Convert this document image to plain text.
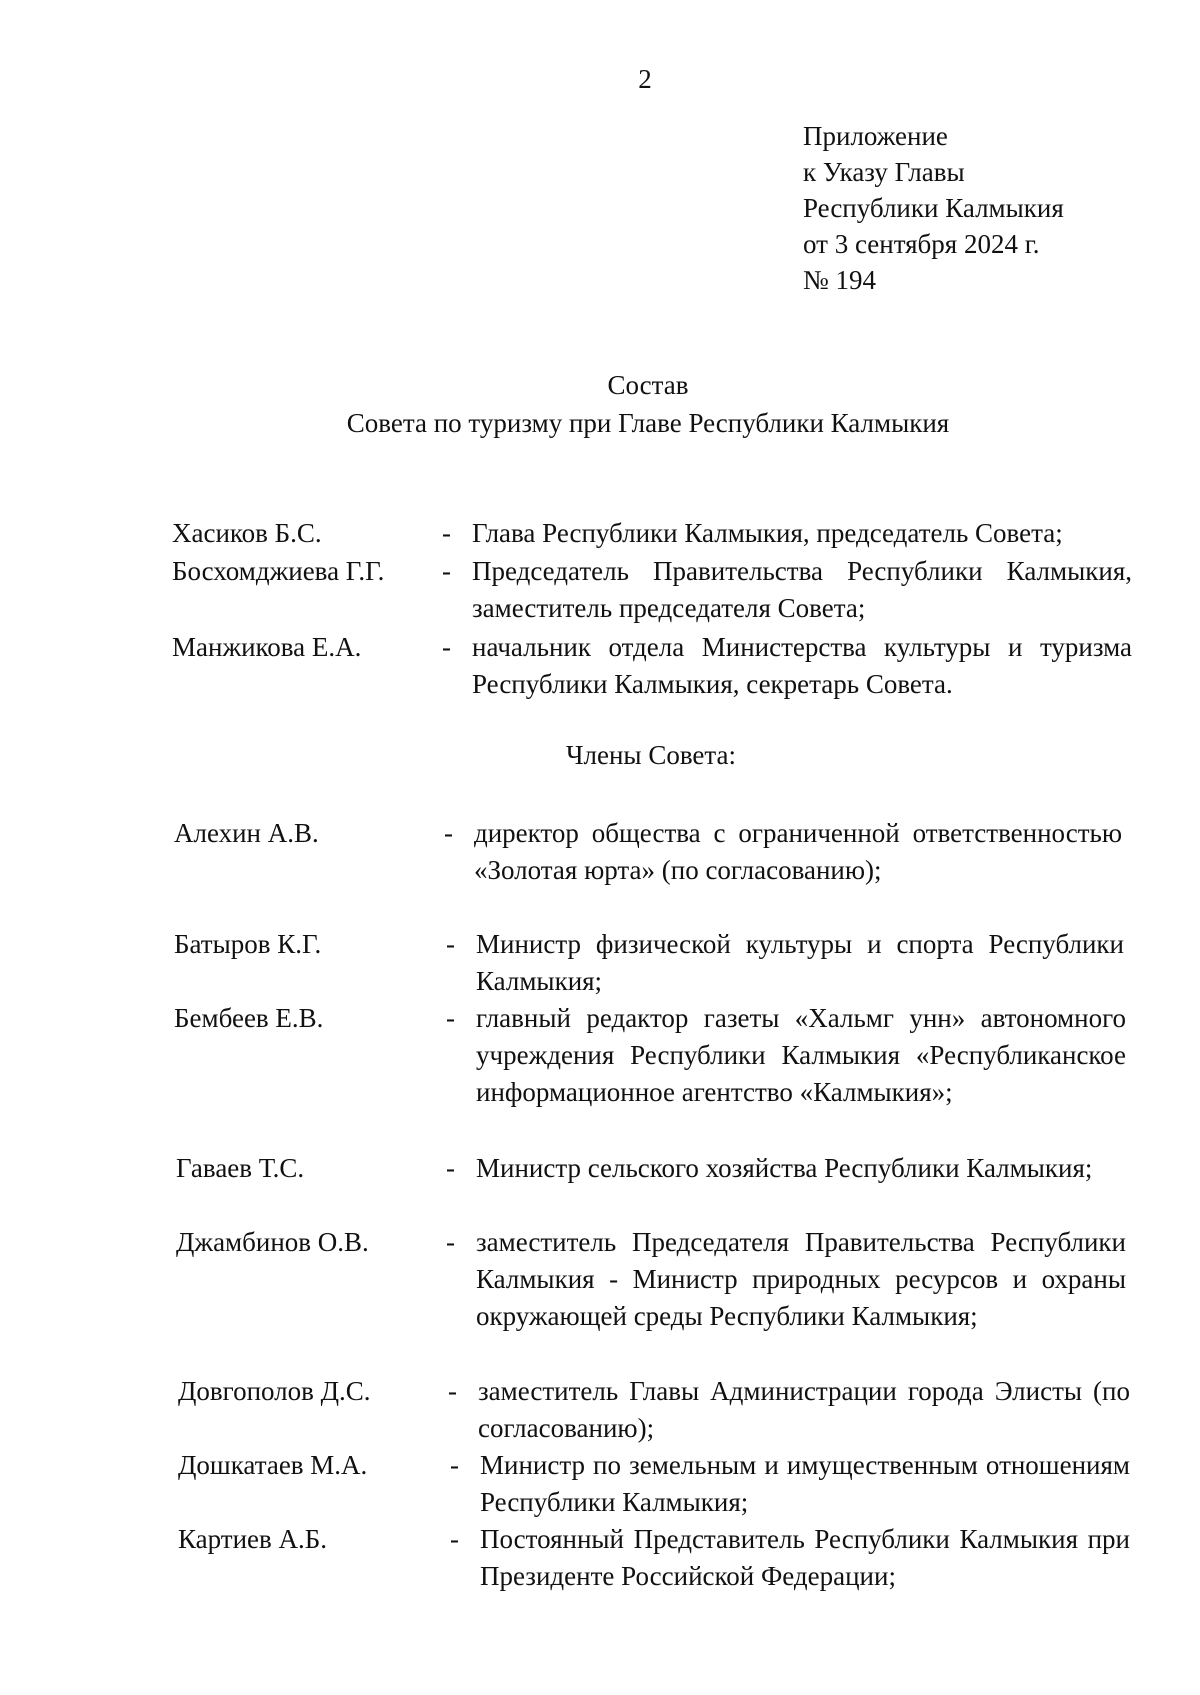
2
Приложение
к Указу Главы
Республики Калмыкия
от 3 сентября 2024 г.
№ 194
Состав
Совета по туризму при Главе Республики Калмыкия
Хасиков Б.С.	- Глава Республики Калмыкия, председатель Совета;
Босхомджиева Г.Г. - Председатель Правительства Республики Калмыкия, заместитель председателя Совета;
Манжикова Е.А.	- начальник отдела Министерства культуры и туризма Республики Калмыкия, секретарь Совета.
Члены Совета:
Алехин А.В.	- директор общества с ограниченной ответственностью «Золотая юрта» (по согласованию);
Батыров К.Г.	- Министр физической культуры и спорта Республики Калмыкия;
Бембеев Е.В.	- главный редактор газеты «Хальмг унн» автономного учреждения Республики Калмыкия «Республиканское информационное агентство «Калмыкия»;
Гаваев Т.С.	- Министр сельского хозяйства Республики Калмыкия;
Джамбинов О.В.	- заместитель Председателя Правительства Республики Калмыкия - Министр природных ресурсов и охраны окружающей среды Республики Калмыкия;
Довгополов Д.С.	- заместитель Главы Администрации города Элисты (по согласованию);
Дошкатаев М.А.	- Министр по земельным и имущественным отношениям Республики Калмыкия;
Картиев А.Б.	- Постоянный Представитель Республики Калмыкия при Президенте Российской Федерации;
